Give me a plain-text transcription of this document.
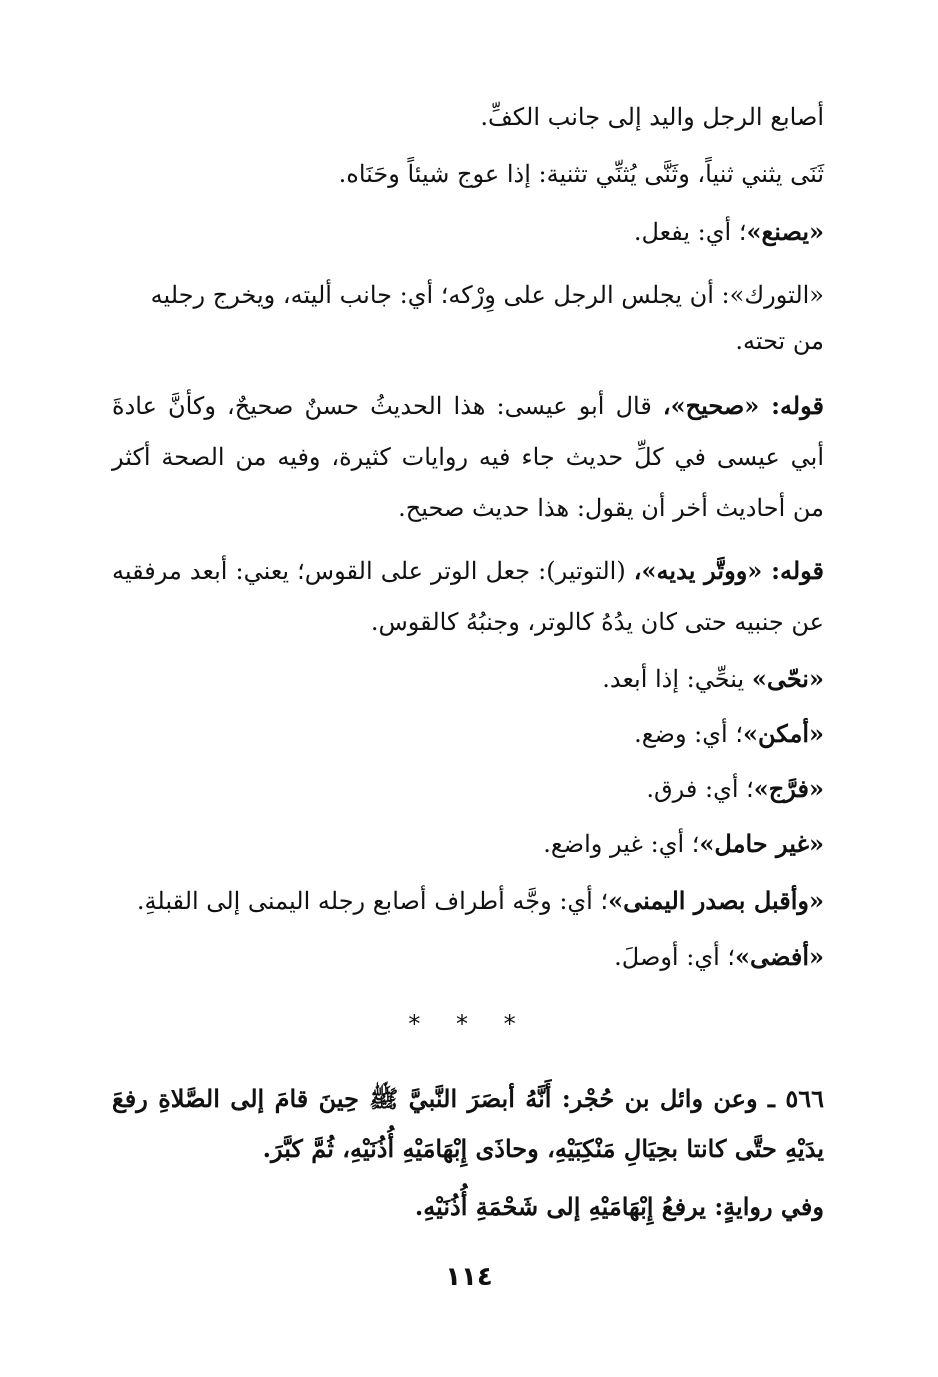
أصابع الرجل واليد إلى جانب الكفِّ.

ثَنَى يثني ثنياً، وثَنَّى يُثنِّي تثنية: إذا عوج شيئاً وحَنَاه.

«يصنع»؛ أي: يفعل.

«التورك»: أن يجلس الرجل على وِرْكه؛ أي: جانب أليته، ويخرج رجليه

من تحته.

قوله: «صحيح»، قال أبو عيسى: هذا الحديثُ حسنٌ صحيحٌ، وكأنَّ عادةَ أبي عيسى في كلِّ حديث جاء فيه روايات كثيرة، وفيه من الصحة أكثر من أحاديث أخر أن يقول: هذا حديث صحيح.

قوله: «ووتَّر يديه»، (التوتير): جعل الوتر على القوس؛ يعني: أبعد مرفقيه عن جنبيه حتى كان يدُهُ كالوتر، وجنبُهُ كالقوس.

«نحّى» ينحِّي: إذا أبعد.

«أمكن»؛ أي: وضع.

«فرَّج»؛ أي: فرق.

«غير حامل»؛ أي: غير واضع.

«وأقبل بصدر اليمنى»؛ أي: وجَّه أطراف أصابع رجله اليمنى إلى القبلةِ.

«أفضى»؛ أي: أوصلَ.

* * *

٥٦٦ ـ وعن وائل بن حُجْر: أَنَّهُ أبصَرَ النَّبيَّ ﷺ حِينَ قامَ إلى الصَّلاةِ رفعَ يدَيْهِ حتَّى كانتا بحِيَالِ مَنْكِبَيْهِ، وحاذَى إِبْهَامَيْهِ أُذُنَيْهِ، ثُمَّ كبَّرَ.

وفي روايةٍ: يرفعُ إِبْهَامَيْهِ إلى شَحْمَةِ أُذُنَيْهِ.

١١٤
